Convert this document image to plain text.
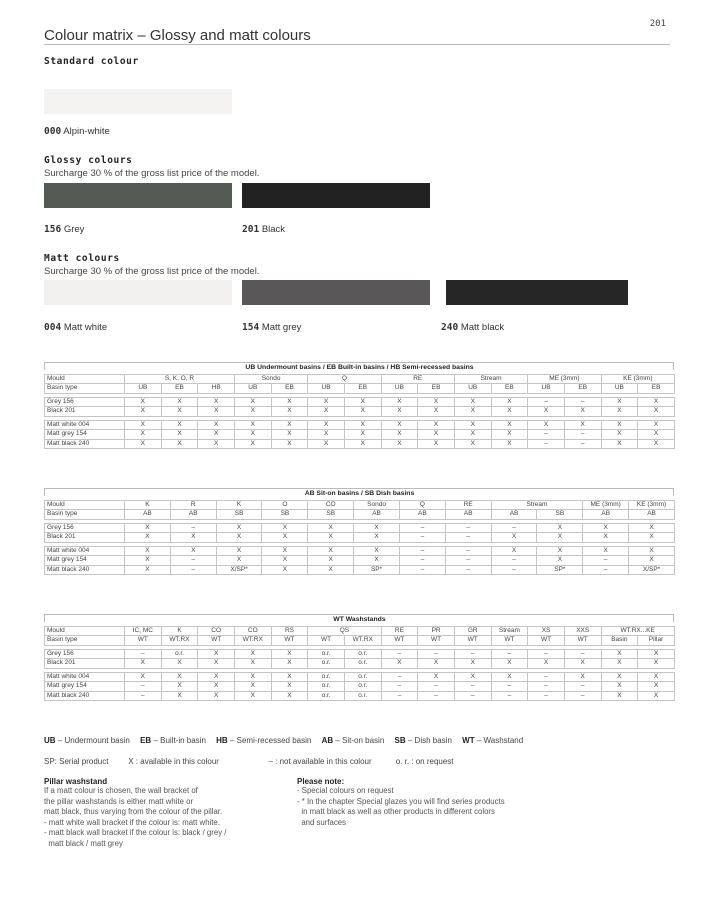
201
Colour matrix – Glossy and matt colours
Standard colour
000 Alpin-white
Glossy colours
Surcharge 30 % of the gross list price of the model.
156 Grey	201 Black
Matt colours
Surcharge 30 % of the gross list price of the model.
004 Matt white	154 Matt grey	240 Matt black
UB Undermount basins / EB Built-in basins / HB Semi-recessed basins															
Mould	S, K, O, R			Sondo		Q		RE		Stream		ME (3mm)		KE (3mm)	
Basin type	UB	EB	HB	UB	EB	UB	EB	UB	EB	UB	EB	UB	EB	UB	EB

Grey 156	X	X	X	X	X	X	X	X	X	X	X	–	–	X	X
Black 201	X	X	X	X	X	X	X	X	X	X	X	X	X	X	X

Matt white 004	X	X	X	X	X	X	X	X	X	X	X	X	X	X	X
Matt grey 154	X	X	X	X	X	X	X	X	X	X	X	–	–	X	X
Matt black 240	X	X	X	X	X	X	X	X	X	X	X	–	–	X	X
AB Sit-on basins / SB Dish basins												
Mould	K	R	K	O	CO	Sondo	Q	RE	Stream		ME (3mm)	KE (3mm)
Basin type	AB	AB	SB	SB	SB	AB	AB	AB	AB	SB	AB	AB

Grey 156	X	–	X	X	X	X	–	–	–	X	X	X
Black 201	X	X	X	X	X	X	–	–	X	X	X	X

Matt white 004	X	X	X	X	X	X	–	–	X	X	X	X
Matt grey 154	X	–	X	X	X	X	–	–	–	X	–	X
Matt black 240	X	–	X/SP*	X	X	SP*	–	–	–	SP*	–	X/SP*
WT Washstands															
Mould	IC, MC	K	CO	CO	RS	QS		RE	PR	GR	Stream	XS	XXS	WT.RX...KE	
Basin type	WT	WT.RX	WT	WT.RX	WT	WT	WT.RX	WT	WT	WT	WT	WT	WT	Basin	Pillar

Grey 156	–	o.r.	X	X	X	o.r.	o.r.	–	–	–	–	–	–	X	X
Black 201	X	X	X	X	X	o.r.	o.r.	X	X	X	X	X	X	X	X

Matt white 004	X	X	X	X	X	o.r.	o.r.	–	X	X	X	–	X	X	X
Matt grey 154	–	X	X	X	X	o.r.	o.r.	–	–	–	–	–	–	X	X
Matt black 240	–	X	X	X	X	o.r.	o.r.	–	–	–	–	–	–	X	X
UB – Undermount basin EB – Built-in basin HB – Semi-recessed basin AB – Sit-on basin SB – Dish basin WT – Washstand
SP: Serial product X : available in this colour	– : not available in this colour	o. r. : on request
Pillar washstand
If a matt colour is chosen, the wall bracket of
the pillar washstands is either matt white or
matt black, thus varying from the colour of the pillar.
- matt white wall bracket if the colour is: matt white.
- matt black wall bracket if the colour is: black / grey /
matt black / matt grey
Please note:
- Special colours on request
- * In the chapter Special glazes you will find series products
in matt black as well as other products in different colors
and surfaces
